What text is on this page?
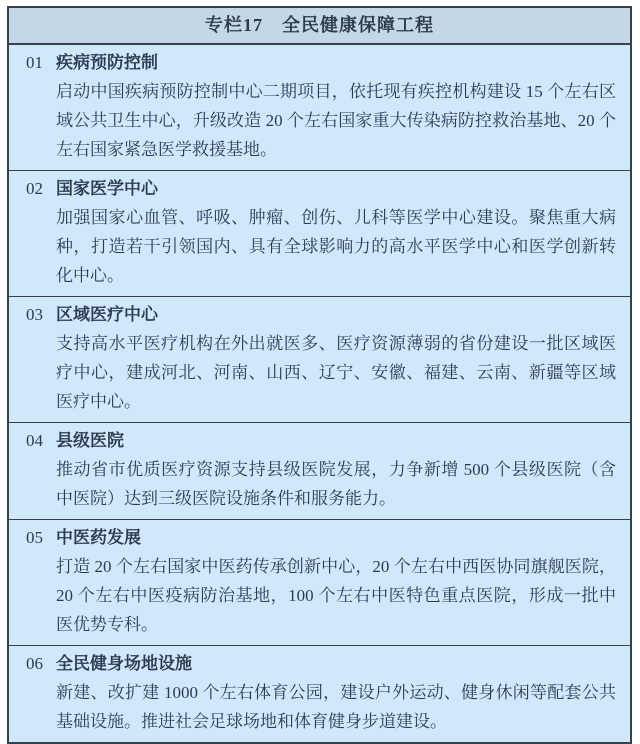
专栏17　全民健康保障工程
01 疾病预防控制
启动中国疾病预防控制中心二期项目，依托现有疾控机构建设 15 个左右区域公共卫生中心，升级改造 20 个左右国家重大传染病防控救治基地、20 个左右国家紧急医学救援基地。
02 国家医学中心
加强国家心血管、呼吸、肿瘤、创伤、儿科等医学中心建设。聚焦重大病种，打造若干引领国内、具有全球影响力的高水平医学中心和医学创新转化中心。
03 区域医疗中心
支持高水平医疗机构在外出就医多、医疗资源薄弱的省份建设一批区域医疗中心，建成河北、河南、山西、辽宁、安徽、福建、云南、新疆等区域医疗中心。
04 县级医院
推动省市优质医疗资源支持县级医院发展，力争新增 500 个县级医院（含中医院）达到三级医院设施条件和服务能力。
05 中医药发展
打造 20 个左右国家中医药传承创新中心，20 个左右中西医协同旗舰医院，20 个左右中医疫病防治基地，100 个左右中医特色重点医院，形成一批中医优势专科。
06 全民健身场地设施
新建、改扩建 1000 个左右体育公园，建设户外运动、健身休闲等配套公共基础设施。推进社会足球场地和体育健身步道建设。
